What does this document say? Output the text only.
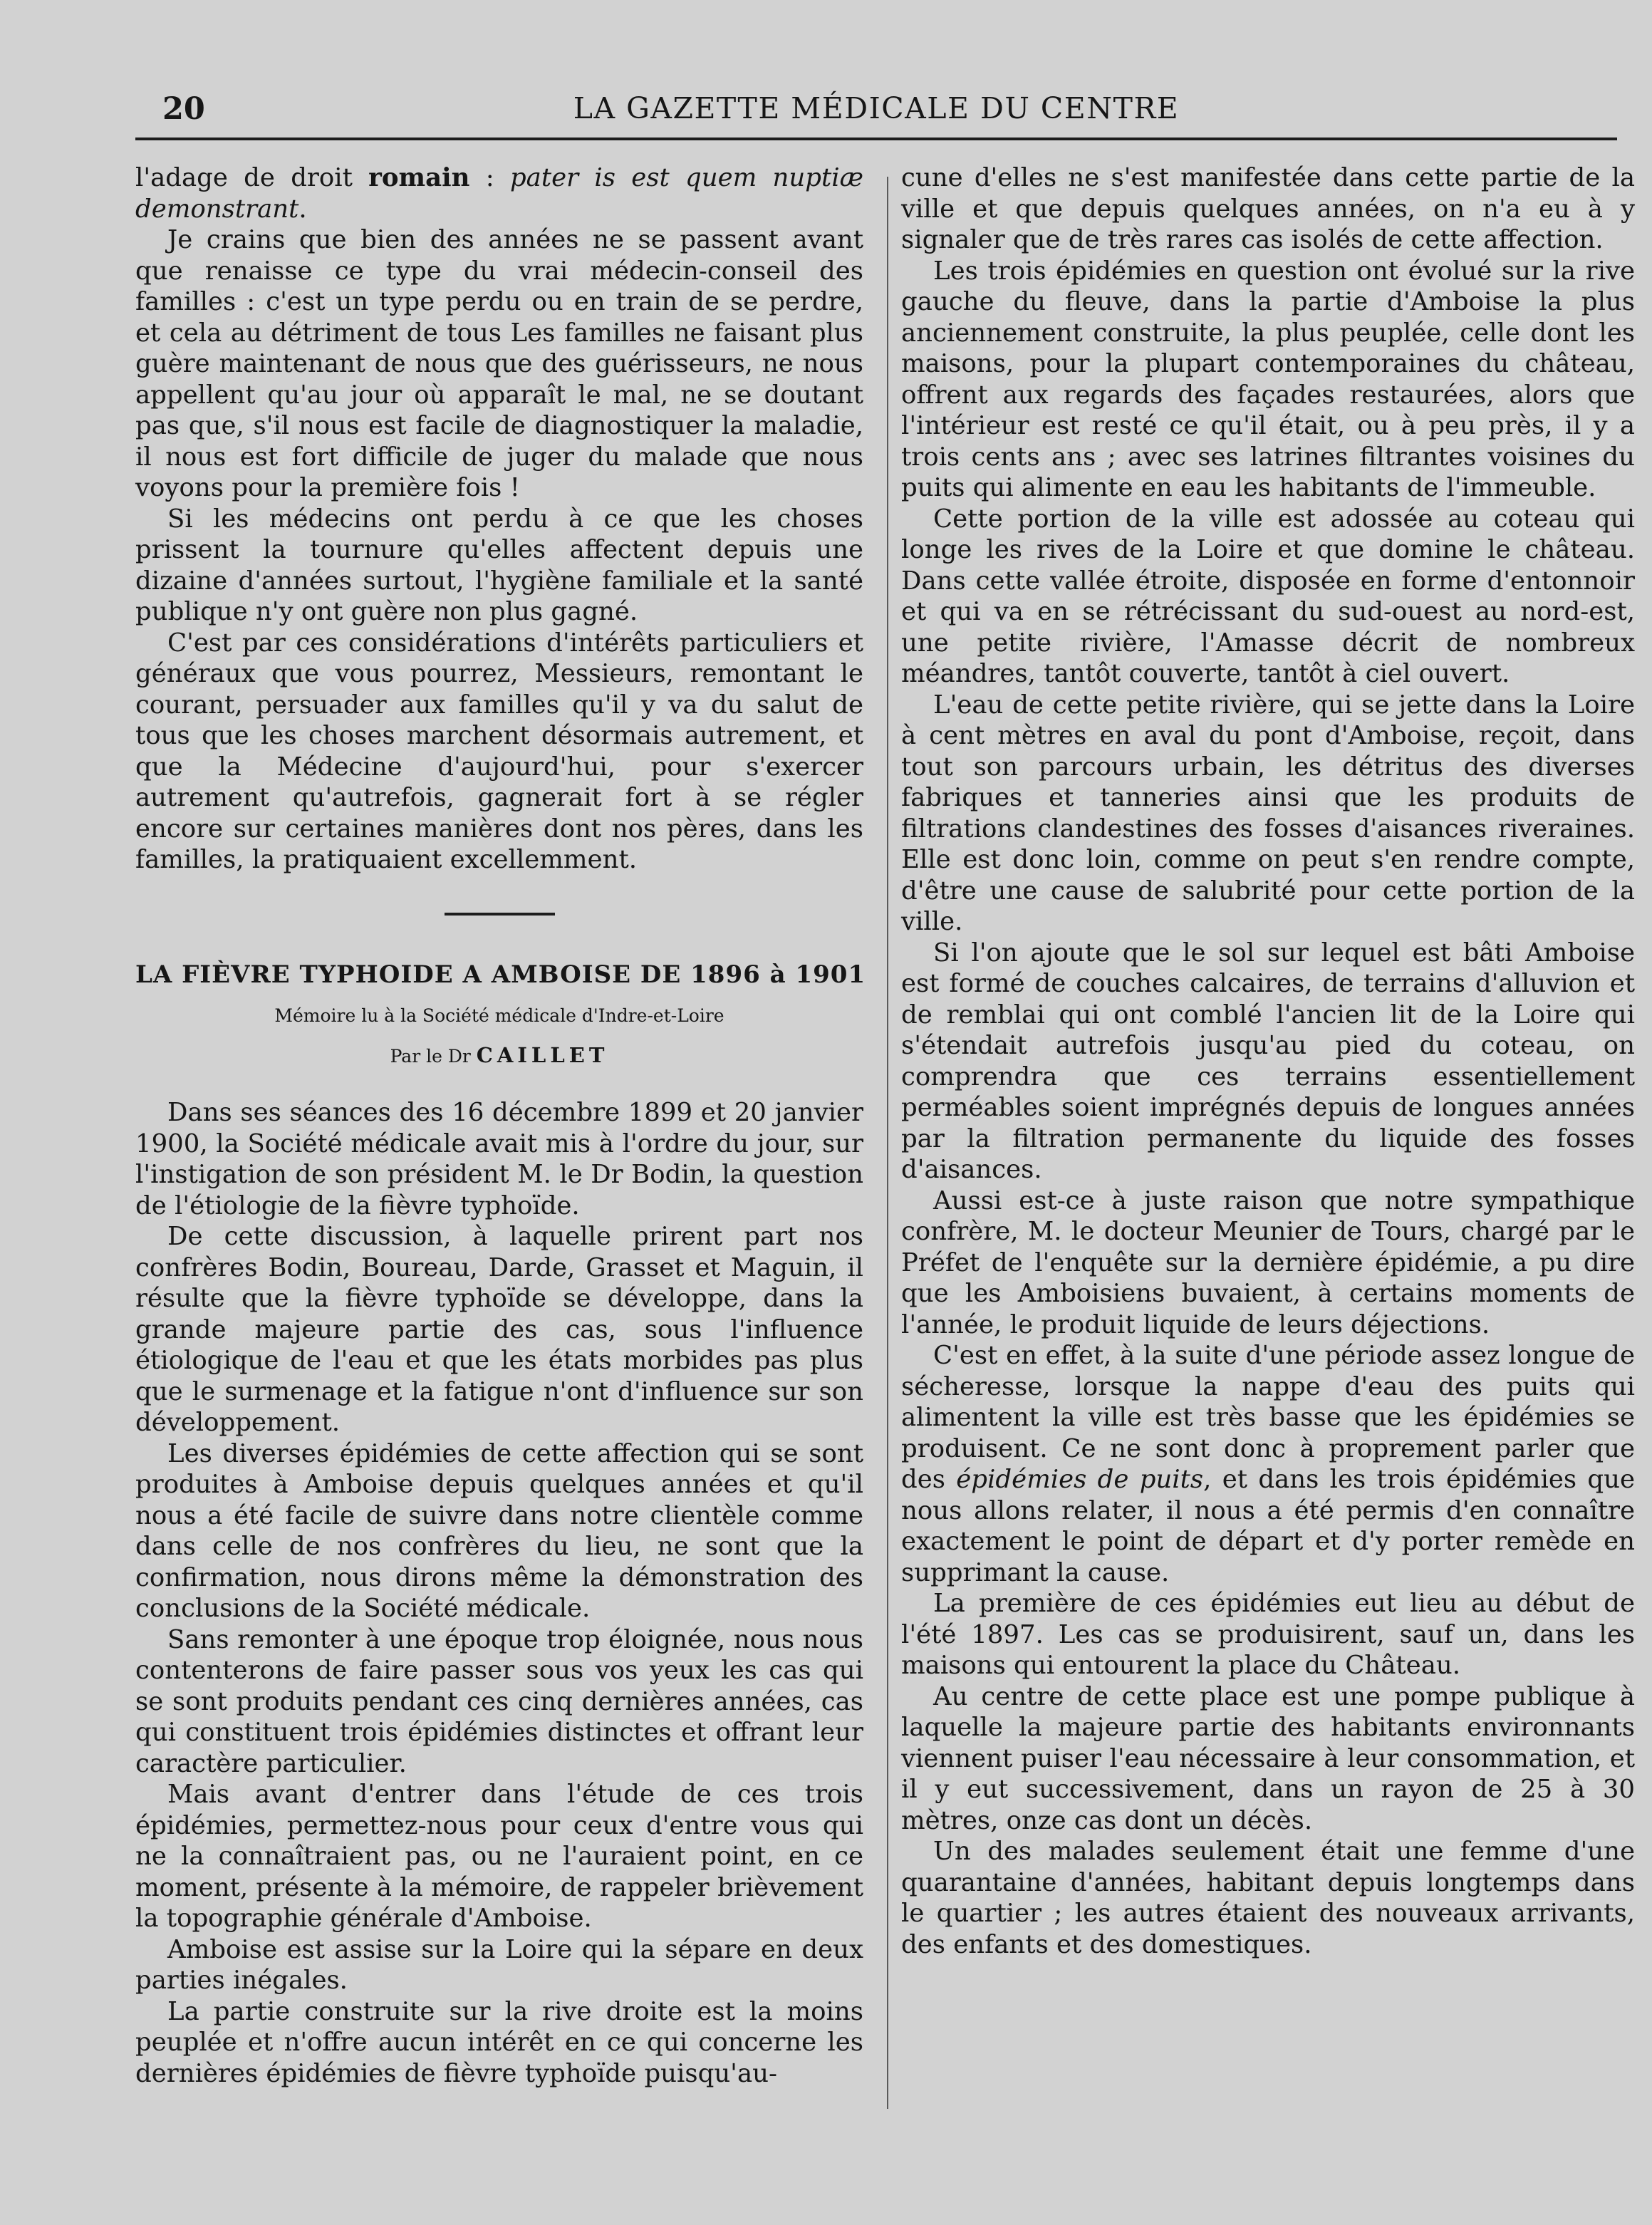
20	LA GAZETTE MÉDICALE DU CENTRE

l'adage de droit romain : pater is est quem nuptiæ demonstrant.

Je crains que bien des années ne se passent avant que renaisse ce type du vrai médecin-conseil des familles : c'est un type perdu ou en train de se perdre, et cela au détriment de tous Les familles ne faisant plus guère maintenant de nous que des guérisseurs, ne nous appellent qu'au jour où apparaît le mal, ne se doutant pas que, s'il nous est facile de diagnostiquer la maladie, il nous est fort difficile de juger du malade que nous voyons pour la première fois !

Si les médecins ont perdu à ce que les choses prissent la tournure qu'elles affectent depuis une dizaine d'années surtout, l'hygiène familiale et la santé publique n'y ont guère non plus gagné.

C'est par ces considérations d'intérêts particuliers et généraux que vous pourrez, Messieurs, remontant le courant, persuader aux familles qu'il y va du salut de tous que les choses marchent désormais autrement, et que la Médecine d'aujourd'hui, pour s'exercer autrement qu'autrefois, gagnerait fort à se régler encore sur certaines manières dont nos pères, dans les familles, la pratiquaient excellemment.

LA FIÈVRE TYPHOIDE A AMBOISE DE 1896 à 1901
Mémoire lu à la Société médicale d'Indre-et-Loire
Par le Dr CAILLET

Dans ses séances des 16 décembre 1899 et 20 janvier 1900, la Société médicale avait mis à l'ordre du jour, sur l'instigation de son président M. le Dr Bodin, la question de l'étiologie de la fièvre typhoïde.

De cette discussion, à laquelle prirent part nos confrères Bodin, Boureau, Darde, Grasset et Maguin, il résulte que la fièvre typhoïde se développe, dans la grande majeure partie des cas, sous l'influence étiologique de l'eau et que les états morbides pas plus que le surmenage et la fatigue n'ont d'influence sur son développement.

Les diverses épidémies de cette affection qui se sont produites à Amboise depuis quelques années et qu'il nous a été facile de suivre dans notre clientèle comme dans celle de nos confrères du lieu, ne sont que la confirmation, nous dirons même la démonstration des conclusions de la Société médicale.

Sans remonter à une époque trop éloignée, nous nous contenterons de faire passer sous vos yeux les cas qui se sont produits pendant ces cinq dernières années, cas qui constituent trois épidémies distinctes et offrant leur caractère particulier.

Mais avant d'entrer dans l'étude de ces trois épidémies, permettez-nous pour ceux d'entre vous qui ne la connaîtraient pas, ou ne l'auraient point, en ce moment, présente à la mémoire, de rappeler brièvement la topographie générale d'Amboise.

Amboise est assise sur la Loire qui la sépare en deux parties inégales.

La partie construite sur la rive droite est la moins peuplée et n'offre aucun intérêt en ce qui concerne les dernières épidémies de fièvre typhoïde puisqu'au-

cune d'elles ne s'est manifestée dans cette partie de la ville et que depuis quelques années, on n'a eu à y signaler que de très rares cas isolés de cette affection.

Les trois épidémies en question ont évolué sur la rive gauche du fleuve, dans la partie d'Amboise la plus anciennement construite, la plus peuplée, celle dont les maisons, pour la plupart contemporaines du château, offrent aux regards des façades restaurées, alors que l'intérieur est resté ce qu'il était, ou à peu près, il y a trois cents ans ; avec ses latrines filtrantes voisines du puits qui alimente en eau les habitants de l'immeuble.

Cette portion de la ville est adossée au coteau qui longe les rives de la Loire et que domine le château. Dans cette vallée étroite, disposée en forme d'entonnoir et qui va en se rétrécissant du sud-ouest au nord-est, une petite rivière, l'Amasse décrit de nombreux méandres, tantôt couverte, tantôt à ciel ouvert.

L'eau de cette petite rivière, qui se jette dans la Loire à cent mètres en aval du pont d'Amboise, reçoit, dans tout son parcours urbain, les détritus des diverses fabriques et tanneries ainsi que les produits de filtrations clandestines des fosses d'aisances riveraines. Elle est donc loin, comme on peut s'en rendre compte, d'être une cause de salubrité pour cette portion de la ville.

Si l'on ajoute que le sol sur lequel est bâti Amboise est formé de couches calcaires, de terrains d'alluvion et de remblai qui ont comblé l'ancien lit de la Loire qui s'étendait autrefois jusqu'au pied du coteau, on comprendra que ces terrains essentiellement perméables soient imprégnés depuis de longues années par la filtration permanente du liquide des fosses d'aisances.

Aussi est-ce à juste raison que notre sympathique confrère, M. le docteur Meunier de Tours, chargé par le Préfet de l'enquête sur la dernière épidémie, a pu dire que les Amboisiens buvaient, à certains moments de l'année, le produit liquide de leurs déjections.

C'est en effet, à la suite d'une période assez longue de sécheresse, lorsque la nappe d'eau des puits qui alimentent la ville est très basse que les épidémies se produisent. Ce ne sont donc à proprement parler que des épidémies de puits, et dans les trois épidémies que nous allons relater, il nous a été permis d'en connaître exactement le point de départ et d'y porter remède en supprimant la cause.

La première de ces épidémies eut lieu au début de l'été 1897. Les cas se produisirent, sauf un, dans les maisons qui entourent la place du Château.

Au centre de cette place est une pompe publique à laquelle la majeure partie des habitants environnants viennent puiser l'eau nécessaire à leur consommation, et il y eut successivement, dans un rayon de 25 à 30 mètres, onze cas dont un décès.

Un des malades seulement était une femme d'une quarantaine d'années, habitant depuis longtemps dans le quartier ; les autres étaient des nouveaux arrivants, des enfants et des domestiques.
